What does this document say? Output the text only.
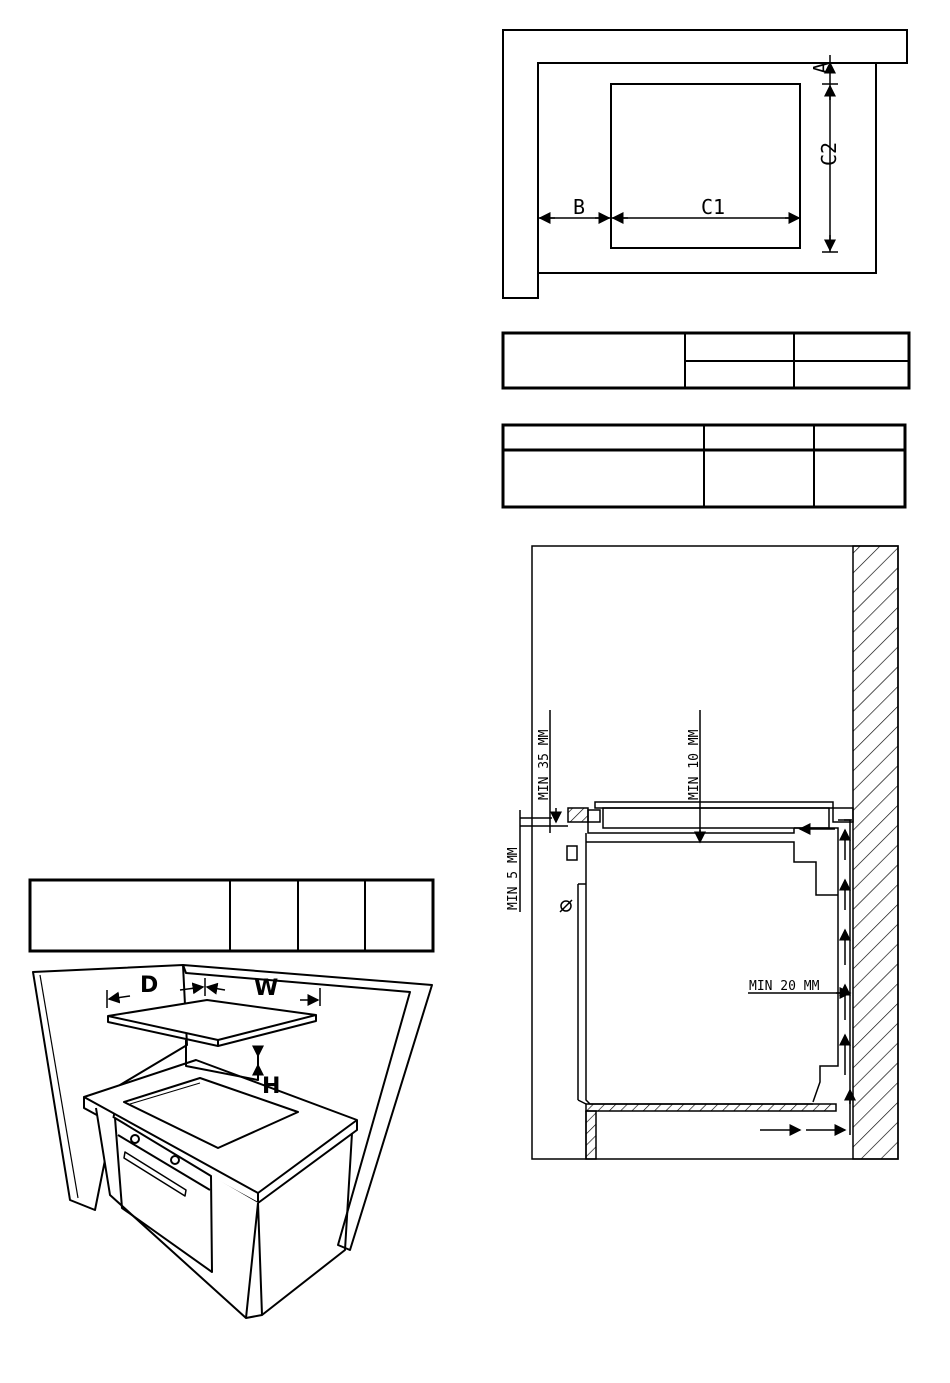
A
C2
B	C1
D	W
H
MIN 35 MM	MIN 10 MM
MIN 5 MM
MIN 20 MM
